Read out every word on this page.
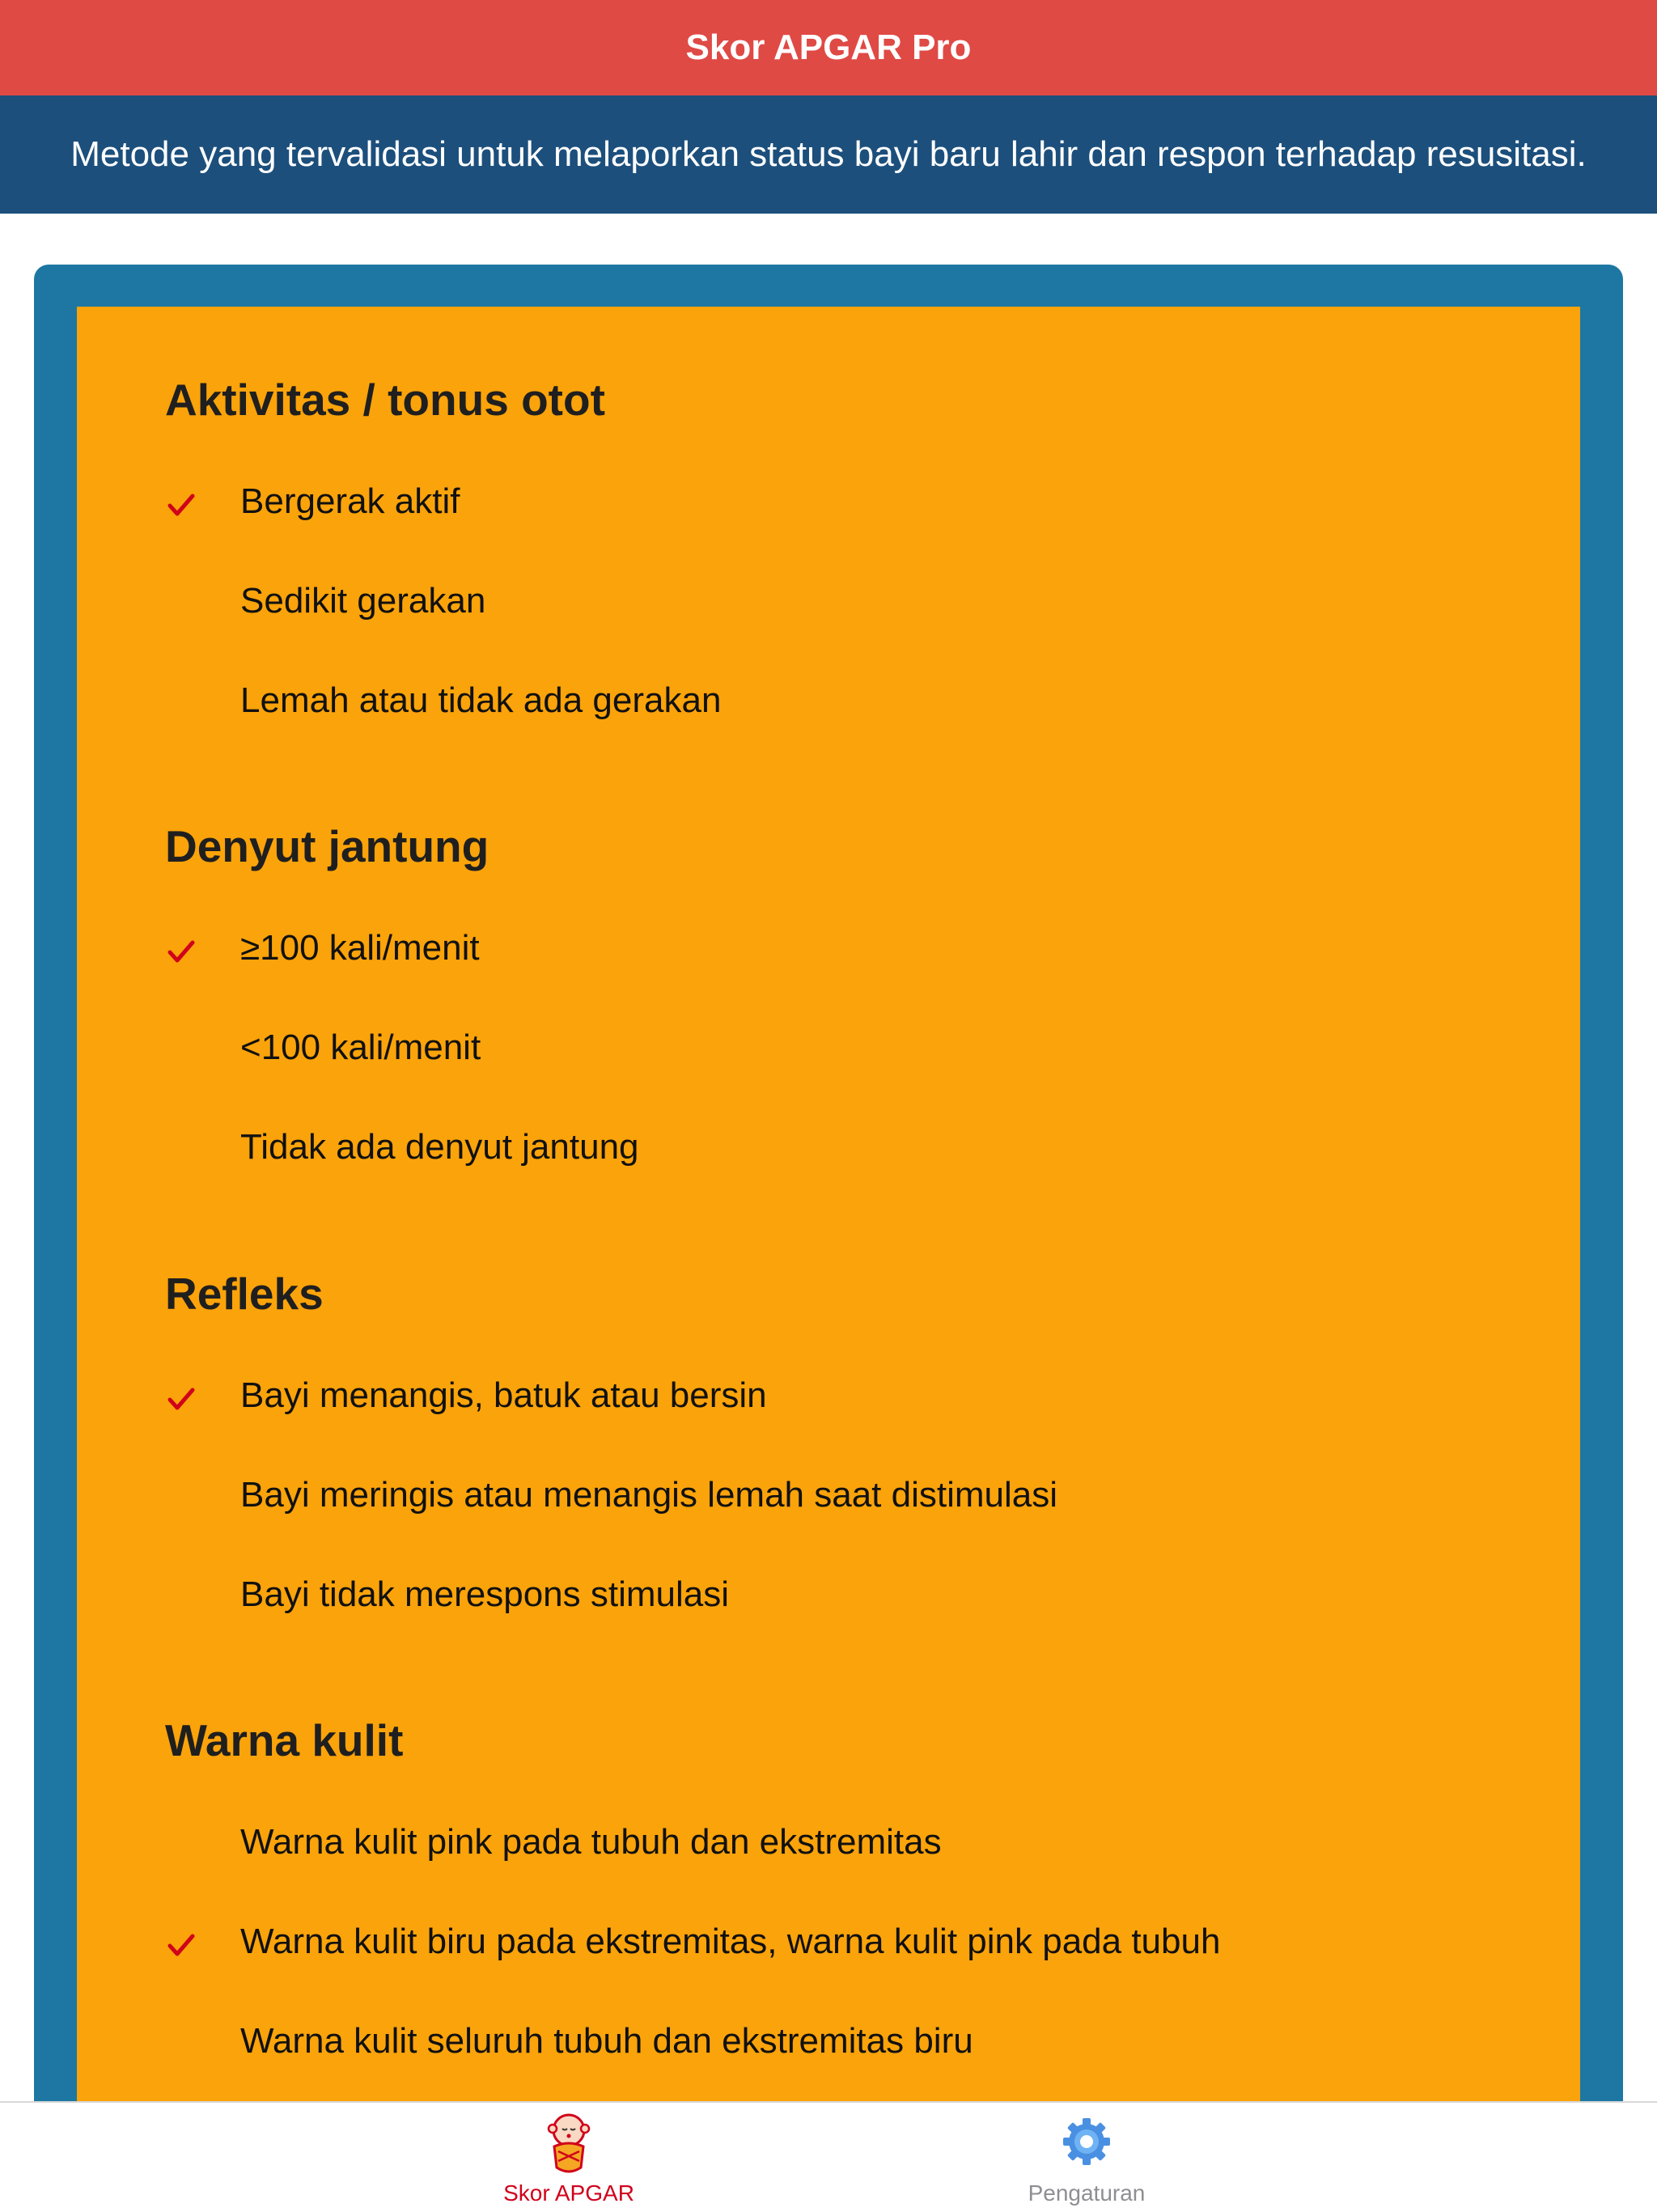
Skor APGAR Pro
Metode yang tervalidasi untuk melaporkan status bayi baru lahir dan respon terhadap resusitasi.
Aktivitas / tonus otot
Bergerak aktif
Sedikit gerakan
Lemah atau tidak ada gerakan
Denyut jantung
≥100 kali/menit
<100 kali/menit
Tidak ada denyut jantung
Refleks
Bayi menangis, batuk atau bersin
Bayi meringis atau menangis lemah saat distimulasi
Bayi tidak merespons stimulasi
Warna kulit
Warna kulit pink pada tubuh dan ekstremitas
Warna kulit biru pada ekstremitas, warna kulit pink pada tubuh
Warna kulit seluruh tubuh dan ekstremitas biru
Skor APGAR	Pengaturan
